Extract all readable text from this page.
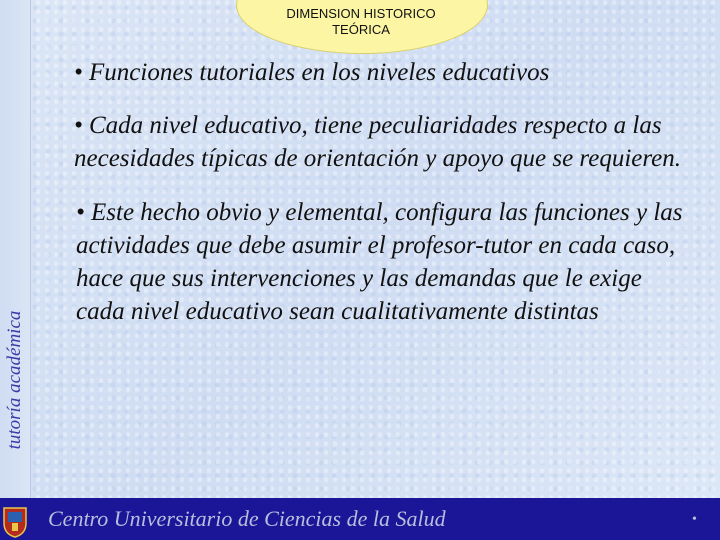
tutoría académica
DIMENSION HISTORICO
TEÓRICA
• Funciones tutoriales en los niveles educativos
• Cada nivel educativo, tiene peculiaridades respecto a las necesidades típicas de orientación y apoyo que se requieren.
• Este hecho obvio y elemental, configura las funciones y las actividades que debe asumir el profesor-tutor en cada caso, hace que sus intervenciones y las demandas que le exige cada nivel educativo sean cualitativamente distintas
Centro Universitario de Ciencias de la Salud	•
